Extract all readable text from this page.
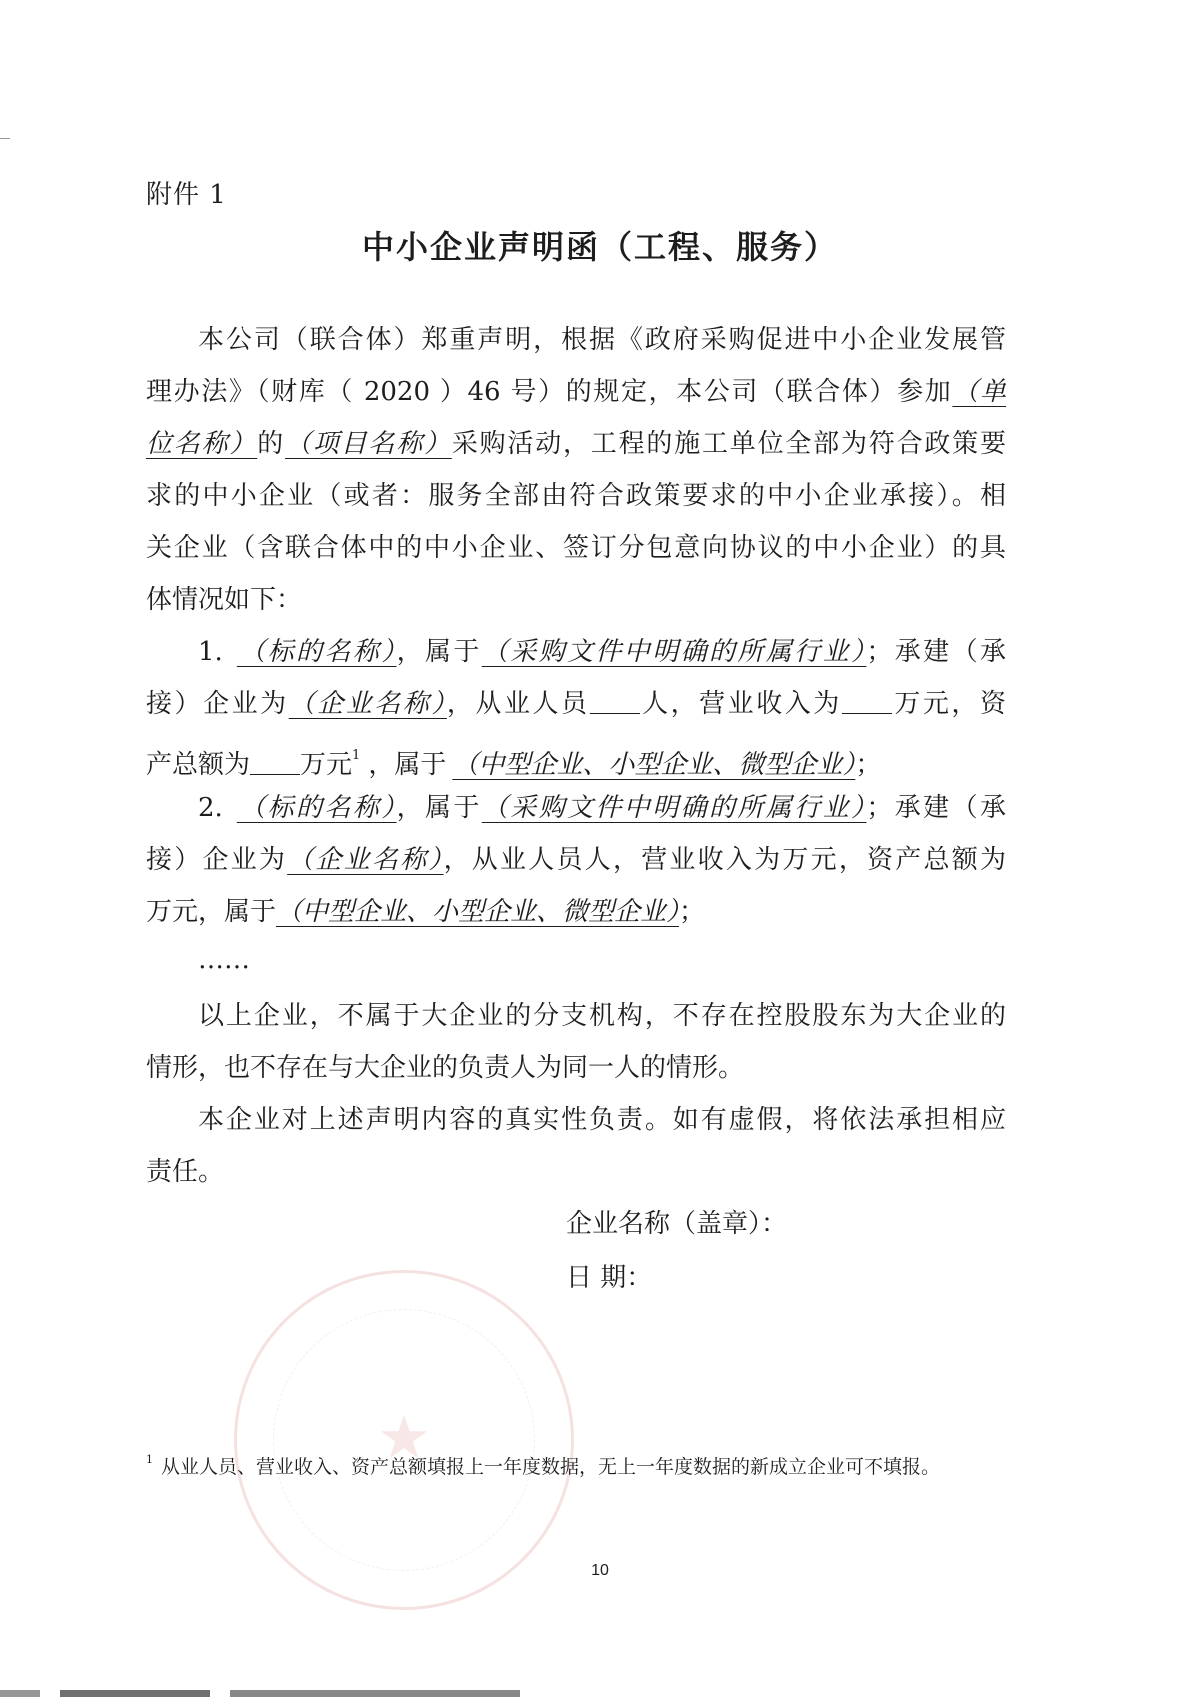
附件 1
中小企业声明函（工程、服务）
本公司（联合体）郑重声明，根据《政府采购促进中小企业发展管
理办法》（财库（ 2020 ）46 号）的规定，本公司（联合体）参加（单
位名称）的（项目名称）采购活动，工程的施工单位全部为符合政策要
求的中小企业（或者：服务全部由符合政策要求的中小企业承接）。相
关企业（含联合体中的中小企业、签订分包意向协议的中小企业）的具
体情况如下：
1. （标的名称），属于（采购文件中明确的所属行业）；承建（承
接）企业为（企业名称），从业人员 人，营业收入为 万元，资
产总额为 万元$^1$ ，属于 （中型企业、小型企业、微型企业）；
2. （标的名称），属于（采购文件中明确的所属行业）；承建（承
接）企业为（企业名称），从业人员人，营业收入为万元，资产总额为
万元，属于（中型企业、小型企业、微型企业）；
……
以上企业，不属于大企业的分支机构，不存在控股股东为大企业的
情形，也不存在与大企业的负责人为同一人的情形。
本企业对上述声明内容的真实性负责。如有虚假，将依法承担相应
责任。
★
企业名称（盖章）：
日 期：
$^1$ 从业人员、营业收入、资产总额填报上一年度数据，无上一年度数据的新成立企业可不填报。
10
